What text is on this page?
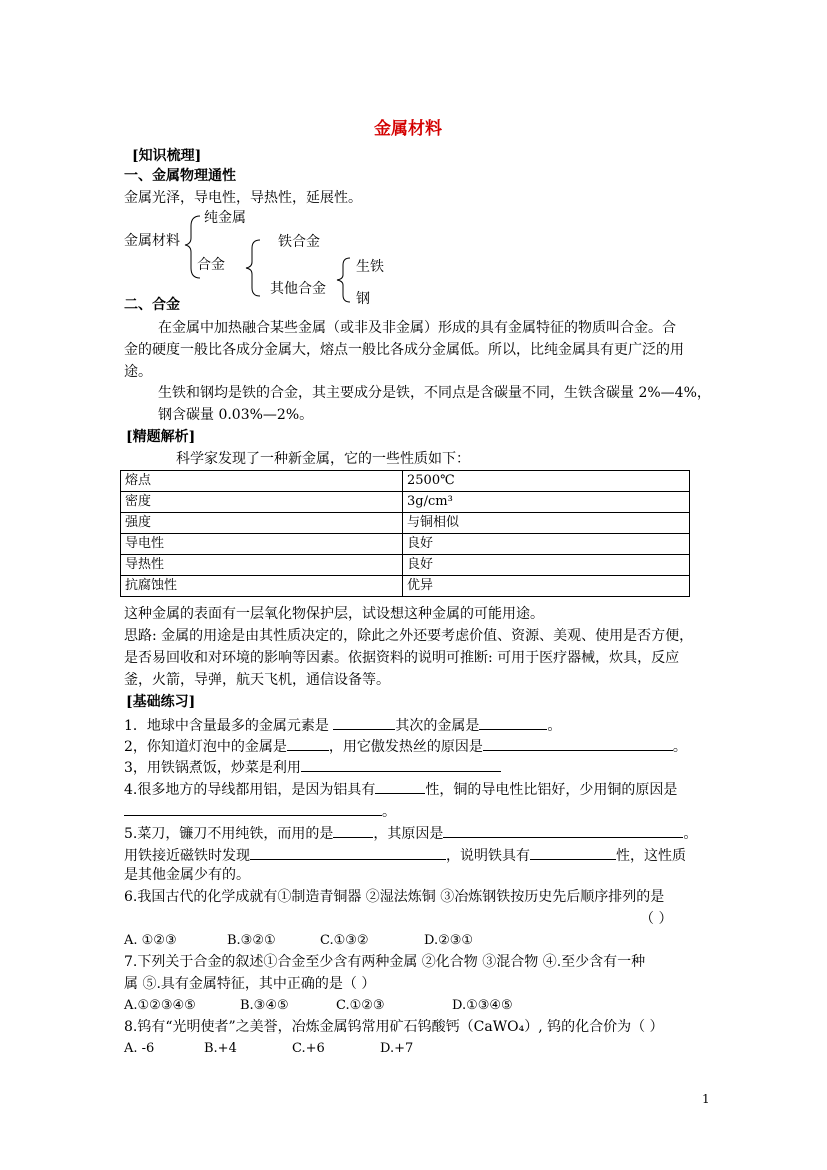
金属材料
[知识梳理]
一、金属物理通性
金属光泽，导电性，导热性，延展性。
金属材料
纯金属
合金
铁合金
其他合金
生铁
钢
二、合金
在金属中加热融合某些金属（或非及非金属）形成的具有金属特征的物质叫合金。合
金的硬度一般比各成分金属大，熔点一般比各成分金属低。所以，比纯金属具有更广泛的用
途。
生铁和钢均是铁的合金，其主要成分是铁，不同点是含碳量不同，生铁含碳量 2%—4%，
钢含碳量 0.03%—2%。
[精题解析]
科学家发现了一种新金属，它的一些性质如下：
熔点	2500℃
密度	3g/cm³
强度	与铜相似
导电性	良好
导热性	良好
抗腐蚀性	优异
这种金属的表面有一层氧化物保护层，试设想这种金属的可能用途。
思路: 金属的用途是由其性质决定的，除此之外还要考虑价值、资源、美观、使用是否方便，
是否易回收和对环境的影响等因素。依据资料的说明可推断: 可用于医疗器械，炊具，反应
釜，火箭，导弹，航天飞机，通信设备等。
[基础练习]
1．地球中含量最多的金属元素是	其次的金属是	。
2，你知道灯泡中的金属是	，用它傲发热丝的原因是	。
3，用铁锅煮饭，炒菜是利用
4.很多地方的导线都用铝，是因为铝具有	性，铜的导电性比铝好，少用铜的原因是
。
5.菜刀，镰刀不用纯铁，而用的是	，其原因是	。
用铁接近磁铁时发现	，说明铁具有	性，这性质
是其他金属少有的。
6.我国古代的化学成就有①制造青铜器 ②湿法炼铜 ③冶炼钢铁按历史先后顺序排列的是
（ ）
A. ①②③	B.③②①	C.①③②	D.②③①
7.下列关于合金的叙述①合金至少含有两种金属 ②化合物 ③混合物 ④.至少含有一种
属 ⑤.具有金属特征，其中正确的是（ ）
A.①②③④⑤	B.③④⑤	C.①②③	D.①③④⑤
8.钨有“光明使者”之美誉，冶炼金属钨常用矿石钨酸钙（CaWO₄）, 钨的化合价为（ ）
A. -6	B.+4	C.+6	D.+7
1
